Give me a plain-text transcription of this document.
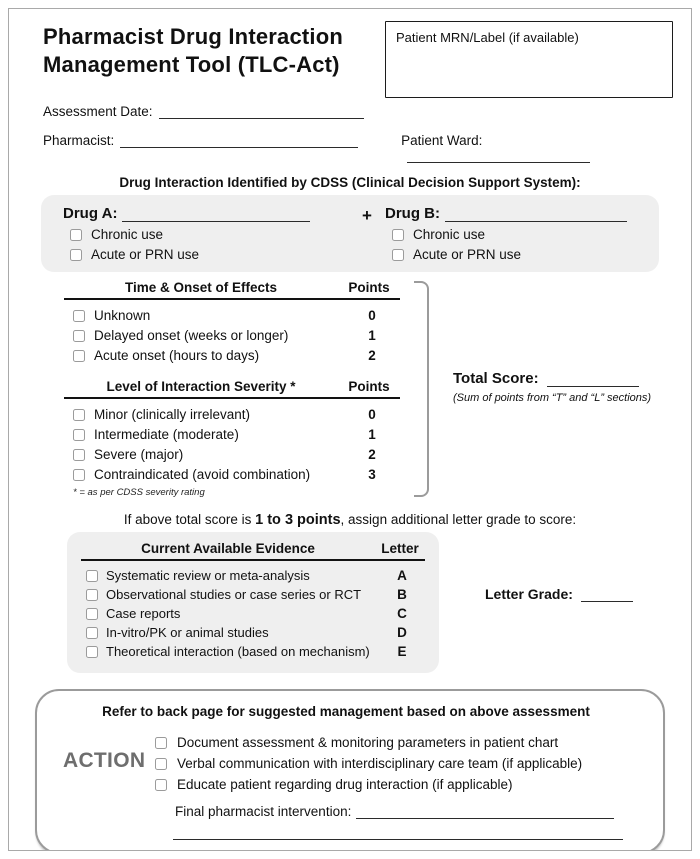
Pharmacist Drug Interaction
Management Tool (TLC-Act)
Patient MRN/Label (if available)
Assessment Date:
Pharmacist:	Patient Ward:
Drug Interaction Identified by CDSS (Clinical Decision Support System):
Drug A:
Chronic use
Acute or PRN use
+ Drug B:
Chronic use
Acute or PRN use
Time & Onset of Effects	Points
Unknown	0
Delayed onset (weeks or longer)	1
Acute onset (hours to days)	2
Level of Interaction Severity *	Points
Minor (clinically irrelevant)	0
Intermediate (moderate)	1
Severe (major)	2
Contraindicated (avoid combination)	3
* = as per CDSS severity rating
Total Score:
(Sum of points from “T” and “L” sections)
If above total score is 1 to 3 points, assign additional letter grade to score:
Current Available Evidence	Letter
Systematic review or meta-analysis	A
Observational studies or case series or RCT	B
Case reports	C
In-vitro/PK or animal studies	D
Theoretical interaction (based on mechanism)	E
Letter Grade:
Refer to back page for suggested management based on above assessment
ACTION
Document assessment & monitoring parameters in patient chart
Verbal communication with interdisciplinary care team (if applicable)
Educate patient regarding drug interaction (if applicable)
Final pharmacist intervention:
